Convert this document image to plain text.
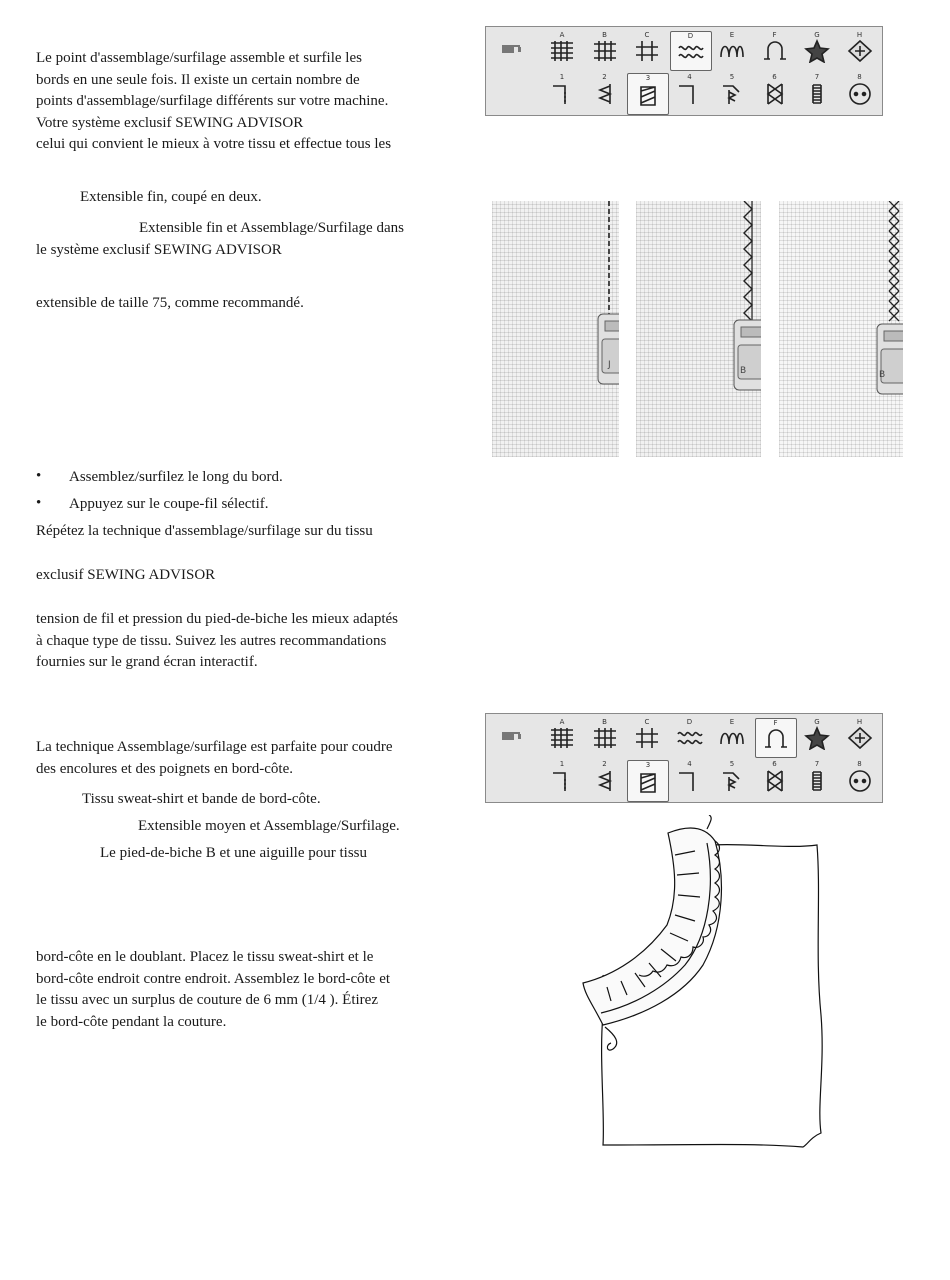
Le point d'assemblage/surfilage assemble et surfile les
bords en une seule fois. Il existe un certain nombre de
points d'assemblage/surfilage différents sur votre machine.
Votre système exclusif SEWING ADVISOR
celui qui convient le mieux à votre tissu et effectue tous les
Extensible fin, coupé en deux.
Extensible fin et Assemblage/Surfilage dans
le système exclusif SEWING ADVISOR
extensible de taille 75, comme recommandé.
• Assemblez/surfilez le long du bord.
• Appuyez sur le coupe-fil sélectif.
Répétez la technique d'assemblage/surfilage sur du tissu
exclusif SEWING ADVISOR
tension de fil et pression du pied-de-biche les mieux adaptés
à chaque type de tissu. Suivez les autres recommandations
fournies sur le grand écran interactif.
La technique Assemblage/surfilage est parfaite pour coudre
des encolures et des poignets en bord-côte.
Tissu sweat-shirt et bande de bord-côte.
Extensible moyen et Assemblage/Surfilage.
Le pied-de-biche B et une aiguille pour tissu
bord-côte en le doublant. Placez le tissu sweat-shirt et le
bord-côte endroit contre endroit. Assemblez le bord-côte et
le tissu avec un surplus de couture de 6 mm (1/4 ). Étirez
le bord-côte pendant la couture.
A	B	C	D	E	F	G	H
1	2	3	4	5	6	7	8
A	B	C	D	E	F	G	H
1	2	3	4	5	6	7	8
J
B	B
